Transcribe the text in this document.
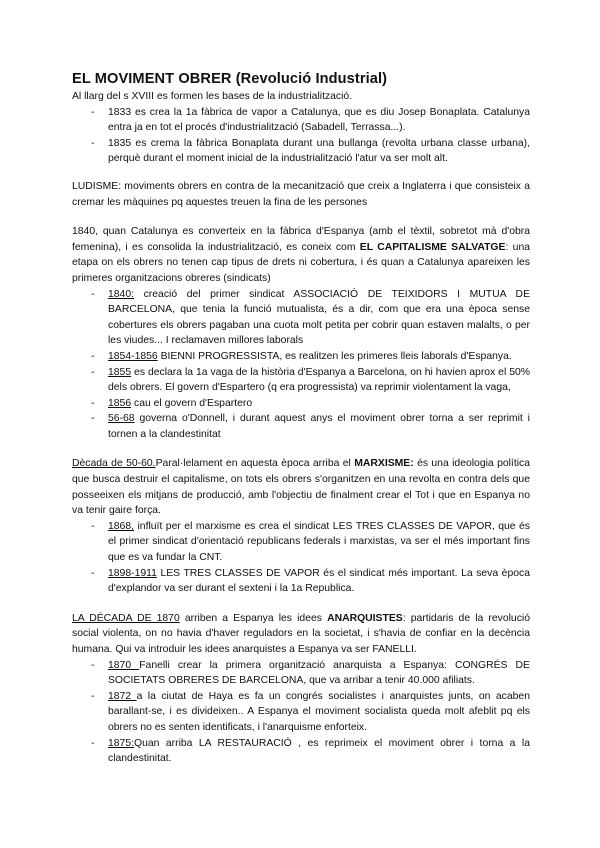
EL MOVIMENT OBRER (Revolució Industrial)

Al llarg del s XVIII es formen les bases de la industrialització.

- 1833 es crea la 1a fàbrica de vapor a Catalunya, que es diu Josep Bonaplata. Catalunya entra ja en tot el procés d'industrialització (Sabadell, Terrassa...).
- 1835 es crema la fàbrica Bonaplata durant una bullanga (revolta urbana classe urbana), perquè durant el moment inicial de la industrialització l'atur va ser molt alt.

LUDISME: moviments obrers en contra de la mecanització que creix a Inglaterra i que consisteix a cremar les màquines pq aquestes treuen la fina de les persones

1840, quan Catalunya es converteix en la fàbrica d'Espanya (amb el tèxtil, sobretot mà d'obra femenina), i es consolida la industrialització, es coneix com EL CAPITALISME SALVATGE: una etapa on els obrers no tenen cap tipus de drets ni cobertura, i és quan a Catalunya apareixen les primeres organitzacions obreres (sindicats)

- 1840: creació del primer sindicat ASSOCIACIÓ DE TEIXIDORS I MUTUA DE BARCELONA, que tenia la funció mutualista, és a dir, com que era una època sense cobertures els obrers pagaban una cuota molt petita per cobrir quan estaven malalts, o per les viudes... I reclamaven millores laborals
- 1854-1856 BIENNI PROGRESSISTA, es realitzen les primeres lleis laborals d'Espanya.
- 1855 es declara la 1a vaga de la història d'Espanya a Barcelona, on hi havien aprox el 50% dels obrers. El govern d'Espartero (q era progressista) va reprimir violentament la vaga,
- 1856 cau el govern d'Espartero
- 56-68 governa o'Donnell, i durant aquest anys el moviment obrer torna a ser reprimit i tornen a la clandestinitat

Dècada de 50-60.Paral·lelament en aquesta època arriba el MARXISME: és una ideologia política que busca destruir el capitalisme, on tots els obrers s'organitzen en una revolta en contra dels que posseeixen els mitjans de producció, amb l'objectiu de finalment crear el Tot i que en Espanya no va tenir gaire força.

- 1868, influït per el marxisme es crea el sindicat LES TRES CLASSES DE VAPOR, que és el primer sindicat d'orientació republicans federals i marxistas, va ser el més important fins que es va fundar la CNT.
- 1898-1911 LES TRES CLASSES DE VAPOR és el sindicat més important. La seva època d'explandor va ser durant el sexteni i la 1a Republica.

LA DÉCADA DE 1870 arriben a Espanya les idees ANARQUISTES: partidaris de la revolució social violenta, on no havia d'haver reguladors en la societat, i s'havia de confiar en la decència humana. Qui va introduir les idees anarquistes a Espanya va ser FANELLI.

- 1870 Fanelli crear la primera organització anarquista a Espanya: CONGRÉS DE SOCIETATS OBRERES DE BARCELONA, que va arribar a tenir 40.000 afiliats.
- 1872 a la ciutat de Haya es fa un congrés socialistes i anarquistes junts, on acaben barallant-se, i es divideixen.. A Espanya el moviment socialista queda molt afeblit pq els obrers no es senten identificats, i l'anarquisme enforteix.
- 1875:Quan arriba LA RESTAURACIÓ , es reprimeix el moviment obrer i torna a la clandestinitat.
